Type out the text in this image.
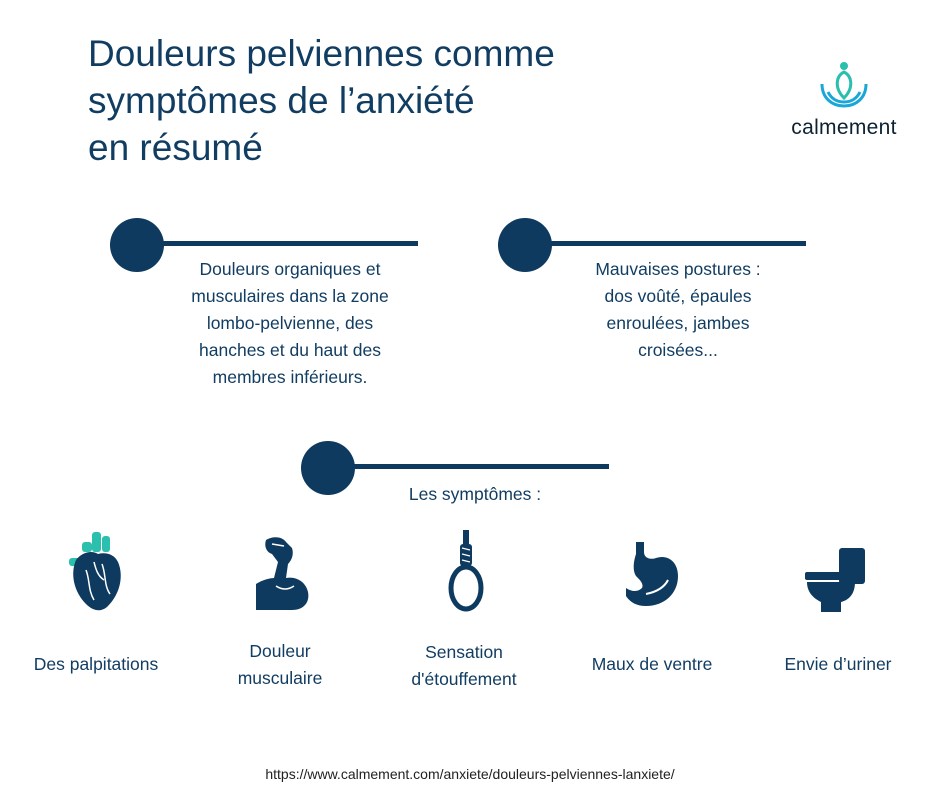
Douleurs pelviennes comme
symptômes de l’anxiété
en résumé	calmement
Douleurs organiques et
musculaires dans la zone
lombo-pelvienne, des
hanches et du haut des
membres inférieurs.
Mauvaises postures :
dos voûté, épaules
enroulées, jambes
croisées...
Les symptômes :
Des palpitations
Douleur
musculaire
Sensation
d'étouffement
Maux de ventre	Envie d’uriner
https://www.calmement.com/anxiete/douleurs-pelviennes-lanxiete/
